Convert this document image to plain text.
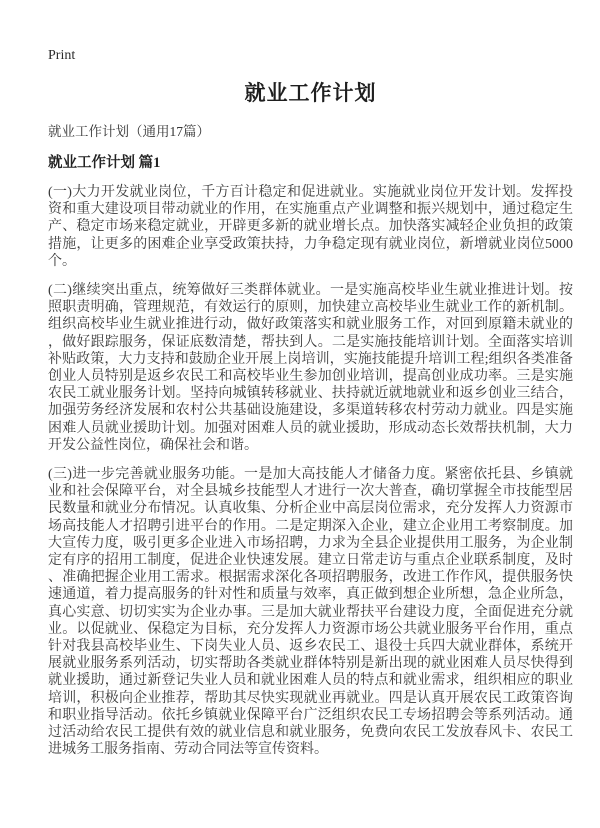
Print
就业工作计划
就业工作计划（通用17篇）
就业工作计划 篇1

(一)大力开发就业岗位，千方百计稳定和促进就业。实施就业岗位开发计划。发挥投资和重大建设项目带动就业的作用，在实施重点产业调整和振兴规划中，通过稳定生产、稳定市场来稳定就业，开辟更多新的就业增长点。加快落实减轻企业负担的政策措施，让更多的困难企业享受政策扶持，力争稳定现有就业岗位，新增就业岗位5000个。

(二)继续突出重点，统筹做好三类群体就业。一是实施高校毕业生就业推进计划。按照职责明确，管理规范，有效运行的原则，加快建立高校毕业生就业工作的新机制。组织高校毕业生就业推进行动，做好政策落实和就业服务工作，对回到原籍未就业的，做好跟踪服务，保证底数清楚，帮扶到人。二是实施技能培训计划。全面落实培训补贴政策，大力支持和鼓励企业开展上岗培训，实施技能提升培训工程;组织各类准备创业人员特别是返乡农民工和高校毕业生参加创业培训，提高创业成功率。三是实施农民工就业服务计划。坚持向城镇转移就业、扶持就近就地就业和返乡创业三结合，加强劳务经济发展和农村公共基础设施建设，多渠道转移农村劳动力就业。四是实施困难人员就业援助计划。加强对困难人员的就业援助，形成动态长效帮扶机制，大力开发公益性岗位，确保社会和谐。

(三)进一步完善就业服务功能。一是加大高技能人才储备力度。紧密依托县、乡镇就业和社会保障平台，对全县城乡技能型人才进行一次大普查，确切掌握全市技能型居民数量和就业分布情况。认真收集、分析企业中高层岗位需求，充分发挥人力资源市场高技能人才招聘引进平台的作用。二是定期深入企业，建立企业用工考察制度。加大宣传力度，吸引更多企业进入市场招聘，力求为全县企业提供用工服务，为企业制定有序的招用工制度，促进企业快速发展。建立日常走访与重点企业联系制度，及时、准确把握企业用工需求。根据需求深化各项招聘服务，改进工作作风，提供服务快速通道，着力提高服务的针对性和质量与效率，真正做到想企业所想，急企业所急，真心实意、切切实实为企业办事。三是加大就业帮扶平台建设力度，全面促进充分就业。以促就业、保稳定为目标，充分发挥人力资源市场公共就业服务平台作用，重点针对我县高校毕业生、下岗失业人员、返乡农民工、退役士兵四大就业群体，系统开展就业服务系列活动，切实帮助各类就业群体特别是新出现的就业困难人员尽快得到就业援助，通过新登记失业人员和就业困难人员的特点和就业需求，组织相应的职业培训，积极向企业推荐，帮助其尽快实现就业再就业。四是认真开展农民工政策咨询和职业指导活动。依托乡镇就业保障平台广泛组织农民工专场招聘会等系列活动。通过活动给农民工提供有效的就业信息和就业服务，免费向农民工发放春风卡、农民工进城务工服务指南、劳动合同法等宣传资料。
